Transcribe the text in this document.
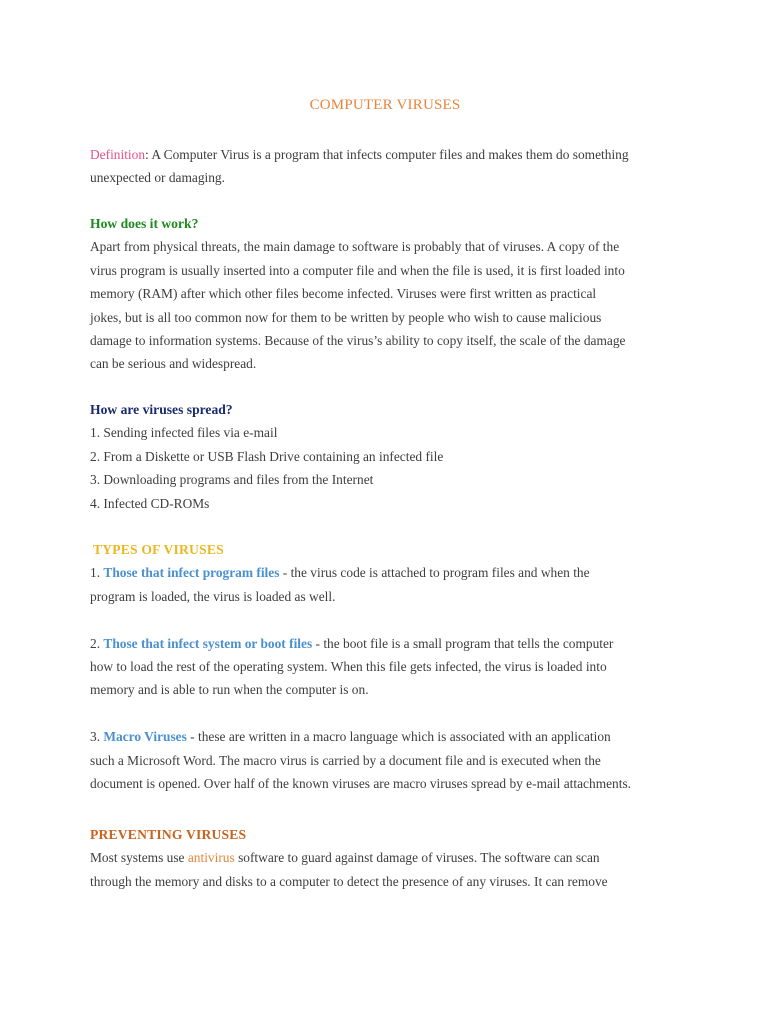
COMPUTER VIRUSES
Definition: A Computer Virus is a program that infects computer files and makes them do something
unexpected or damaging.
How does it work?
Apart from physical threats, the main damage to software is probably that of viruses. A copy of the
virus program is usually inserted into a computer file and when the file is used, it is first loaded into
memory (RAM) after which other files become infected. Viruses were first written as practical
jokes, but is all too common now for them to be written by people who wish to cause malicious
damage to information systems. Because of the virus’s ability to copy itself, the scale of the damage
can be serious and widespread.
How are viruses spread?
1. Sending infected files via e-mail
2. From a Diskette or USB Flash Drive containing an infected file
3. Downloading programs and files from the Internet
4. Infected CD-ROMs
TYPES OF VIRUSES
1. Those that infect program files - the virus code is attached to program files and when the
program is loaded, the virus is loaded as well.

2. Those that infect system or boot files - the boot file is a small program that tells the computer
how to load the rest of the operating system. When this file gets infected, the virus is loaded into
memory and is able to run when the computer is on.

3. Macro Viruses - these are written in a macro language which is associated with an application
such a Microsoft Word. The macro virus is carried by a document file and is executed when the
document is opened. Over half of the known viruses are macro viruses spread by e-mail attachments.
PREVENTING VIRUSES
Most systems use antivirus software to guard against damage of viruses. The software can scan
through the memory and disks to a computer to detect the presence of any viruses. It can remove
